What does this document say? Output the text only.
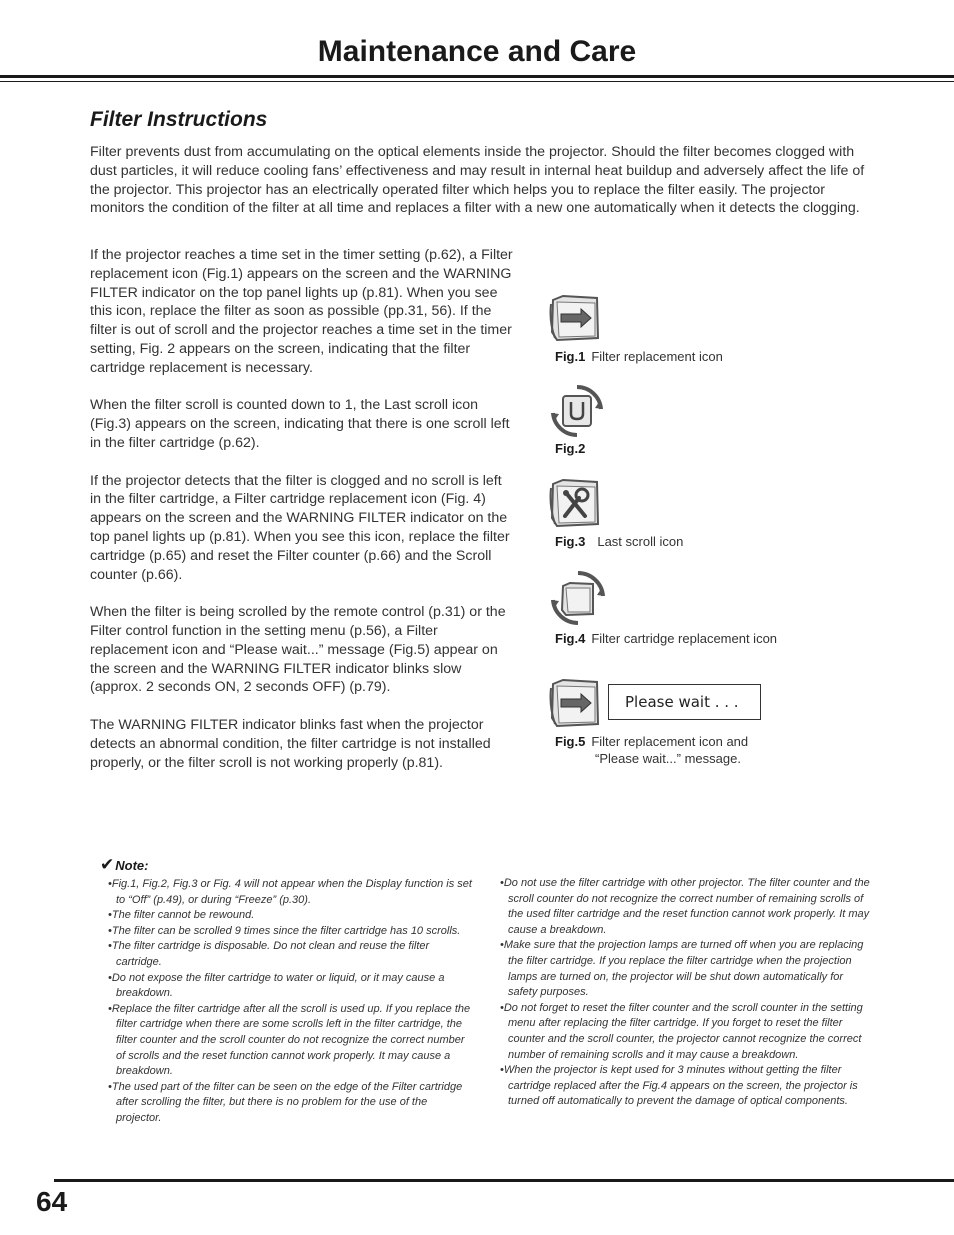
Maintenance and Care
Filter Instructions

Filter prevents dust from accumulating on the optical elements inside the projector. Should the filter becomes clogged with dust particles, it will reduce cooling fans’ effectiveness and may result in internal heat buildup and adversely affect the life of the projector. This projector has an electrically operated filter which helps you to replace the filter easily. The projector monitors the condition of the filter at all time and replaces a filter with a new one automatically when it detects the clogging.

If the projector reaches a time set in the timer setting (p.62), a Filter replacement icon (Fig.1) appears on the screen and the WARNING FILTER indicator on the top panel lights up (p.81). When you see this icon, replace the filter as soon as possible (pp.31, 56). If the filter is out of scroll and the projector reaches a time set in the timer setting, Fig. 2 appears on the screen, indicating that the filter cartridge replacement is necessary.

When the filter scroll is counted down to 1, the Last scroll icon (Fig.3) appears on the screen, indicating that there is one scroll left in the filter cartridge (p.62).

If the projector detects that the filter is clogged and no scroll is left in the filter cartridge, a Filter cartridge replacement icon (Fig. 4) appears on the screen and the WARNING FILTER indicator on the top panel lights up (p.81). When you see this icon, replace the filter cartridge (p.65) and reset the Filter counter (p.66) and the Scroll counter (p.66).

When the filter is being scrolled by the remote control (p.31) or the Filter control function in the setting menu (p.56), a Filter replacement icon and “Please wait...” message (Fig.5) appear on the screen and the WARNING FILTER indicator blinks slow (approx. 2 seconds ON, 2 seconds OFF) (p.79).

The WARNING FILTER indicator blinks fast when the projector detects an abnormal condition, the filter cartridge is not installed properly, or the filter scroll is not working properly (p.81).

Fig.1 Filter replacement icon
Fig.2
Fig.3 Last scroll icon
Fig.4 Filter cartridge replacement icon
Please wait . . .
Fig.5 Filter replacement icon and
“Please wait...” message.
✔Note:
•Fig.1, Fig.2, Fig.3 or Fig. 4 will not appear when the Display function is set to “Off” (p.49), or during “Freeze” (p.30).
•The filter cannot be rewound.
•The filter can be scrolled 9 times since the filter cartridge has 10 scrolls.
•The filter cartridge is disposable. Do not clean and reuse the filter cartridge.
•Do not expose the filter cartridge to water or liquid, or it may cause a breakdown.
•Replace the filter cartridge after all the scroll is used up. If you replace the filter cartridge when there are some scrolls left in the filter cartridge, the filter counter and the scroll counter do not recognize the correct number of scrolls and the reset function cannot work properly. It may cause a breakdown.
•The used part of the filter can be seen on the edge of the Filter cartridge after scrolling the filter, but there is no problem for the use of the projector.
•Do not use the filter cartridge with other projector. The filter counter and the scroll counter do not recognize the correct number of remaining scrolls of the used filter cartridge and the reset function cannot work properly. It may cause a breakdown.
•Make sure that the projection lamps are turned off when you are replacing the filter cartridge. If you replace the filter cartridge when the projection lamps are turned on, the projector will be shut down automatically for safety purposes.
•Do not forget to reset the filter counter and the scroll counter in the setting menu after replacing the filter cartridge. If you forget to reset the filter counter and the scroll counter, the projector cannot recognize the correct number of remaining scrolls and it may cause a breakdown.
•When the projector is kept used for 3 minutes without getting the filter cartridge replaced after the Fig.4 appears on the screen, the projector is turned off automatically to prevent the damage of optical components.
64
